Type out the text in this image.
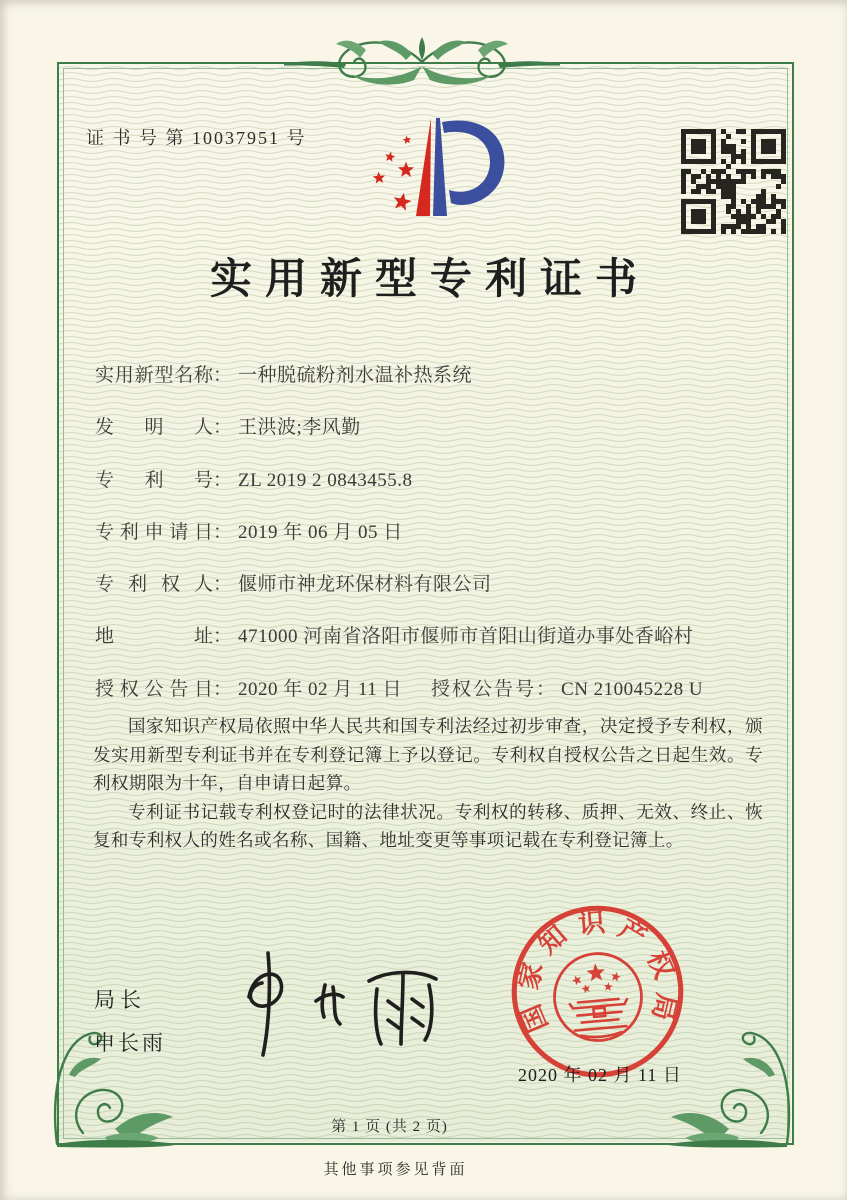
证 书 号 第 10037951 号
实用新型专利证书
实用新型名称： 一种脱硫粉剂水温补热系统
发明人： 王洪波;李风勤
专利号： ZL 2019 2 0843455.8
专利申请日： 2019 年 06 月 05 日
专利权人： 偃师市神龙环保材料有限公司
地址： 471000 河南省洛阳市偃师市首阳山街道办事处香峪村
授权公告日： 2020 年 02 月 11 日 授权公告号： CN 210045228 U

国家知识产权局依照中华人民共和国专利法经过初步审查，决定授予专利权，颁发实用新型专利证书并在专利登记簿上予以登记。专利权自授权公告之日起生效。专利权期限为十年，自申请日起算。

专利证书记载专利权登记时的法律状况。专利权的转移、质押、无效、终止、恢复和专利权人的姓名或名称、国籍、地址变更等事项记载在专利登记簿上。

局长
申长雨
国
家
知 识 产
权
局
2020 年 02 月 11 日
第 1 页 (共 2 页)
其他事项参见背面
